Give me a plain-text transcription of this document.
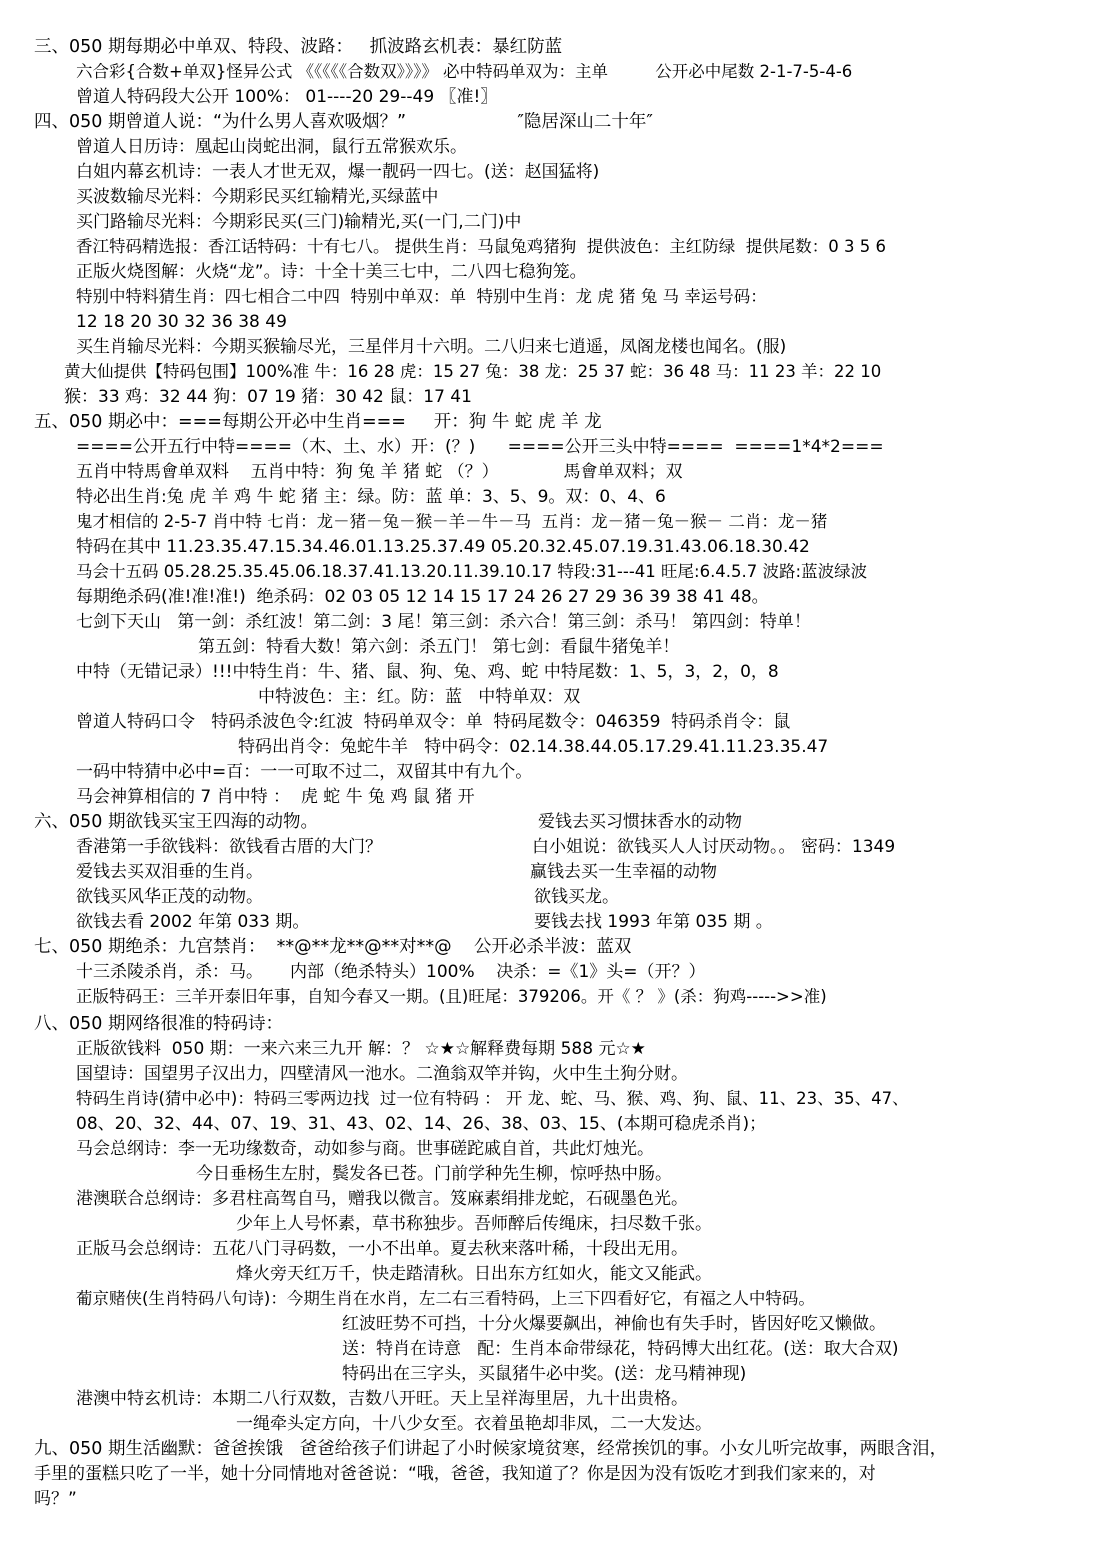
三、050 期每期必中单双、特段、波路：   抓波路玄机表：暴红防蓝
六合彩{合数+单双}怪异公式 《《《《《合数双》》》》 必中特码单双为：主单         公开必中尾数 2-1-7-5-4-6
曾道人特码段大公开 100%： 01----20 29--49 〖准!〗
四、050 期曾道人说：“为什么男人喜欢吸烟？”                    ″隐居深山二十年″
曾道人日历诗：凰起山岗蛇出洞，鼠行五常猴欢乐。
白姐内幕玄机诗：一表人才世无双，爆一靓码一四七。(送：赵国猛将)
买波数输尽光料：今期彩民买红输精光,买绿蓝中
买门路输尽光料：今期彩民买(三门)输精光,买(一门,二门)中
香江特码精选报：香江话特码：十有七八。 提供生肖：马鼠兔鸡猪狗  提供波色：主红防绿  提供尾数：0 3 5 6
正版火烧图解：火烧“龙”。诗：十全十美三七中，二八四七稳狗笼。
特别中特料猜生肖：四七相合二中四  特别中单双：单  特别中生肖：龙 虎 猪 兔 马 幸运号码：
12 18 20 30 32 36 38 49
买生肖输尽光料：今期买猴输尽光，三星伴月十六明。二八归来七逍遥，凤阁龙楼也闻名。(服)
黄大仙提供【特码包围】100%准 牛：16 28 虎：15 27 兔：38 龙：25 37 蛇：36 48 马：11 23 羊：22 10
猴：33 鸡：32 44 狗：07 19 猪：30 42 鼠：17 41
五、050 期必中：===每期公开必中生肖===     开：狗 牛 蛇 虎 羊 龙
====公开五行中特====（木、土、水）开：(？)      ====公开三头中特====  ====1*4*2===
五肖中特馬會单双料    五肖中特：狗 兔 羊 猪 蛇 （？）            馬會单双料；双
特必出生肖:兔 虎 羊 鸡 牛 蛇 猪 主：绿。防：蓝 单：3、5、9。双：0、4、6
鬼才相信的 2-5-7 肖中特 七肖：龙－猪－兔－猴－羊－牛－马  五肖：龙－猪－兔－猴－ 二肖：龙－猪
特码在其中 11.23.35.47.15.34.46.01.13.25.37.49 05.20.32.45.07.19.31.43.06.18.30.42
马会十五码 05.28.25.35.45.06.18.37.41.13.20.11.39.10.17 特段:31---41 旺尾:6.4.5.7 波路:蓝波绿波
每期绝杀码(准!准!准!)  绝杀码：02 03 05 12 14 15 17 24 26 27 29 36 39 38 41 48。
七剑下天山   第一剑：杀红波！第二剑：3 尾！第三剑：杀六合！第三剑：杀马！ 第四剑：特单！
第五剑：特看大数！第六剑：杀五门！ 第七剑：看鼠牛猪兔羊！
中特（无错记录）!!!中特生肖：牛、猪、鼠、狗、兔、鸡、蛇 中特尾数：1、5，3，2，0，8
中特波色：主：红。防：蓝   中特单双：双
曾道人特码口令   特码杀波色令:红波  特码单双令：单  特码尾数令：046359  特码杀肖令：鼠
特码出肖令：兔蛇牛羊   特中码令：02.14.38.44.05.17.29.41.11.23.35.47
一码中特猜中必中=百：一一可取不过二，双留其中有九个。
马会神算相信的 7 肖中特 ：  虎 蛇 牛 兔 鸡 鼠 猪 开
六、050 期欲钱买宝王四海的动物。	爱钱去买习惯抹香水的动物
香港第一手欲钱料：欲钱看古厝的大门？	白小姐说：欲钱买人人讨厌动物。。 密码：1349
爱钱去买双泪垂的生肖。	赢钱去买一生幸福的动物
欲钱买风华正茂的动物。	欲钱买龙。
欲钱去看 2002 年第 033 期。	要钱去找 1993 年第 035 期 。
七、050 期绝杀：九宫禁肖：  **@**龙**@**对**@    公开必杀半波：蓝双
十三杀陵杀肖，杀：马。     内部（绝杀特头）100%    决杀：=《1》头=（开？）
正版特码王：三羊开泰旧年事，自知今春又一期。(且)旺尾：379206。开《 ？ 》(杀：狗鸡----->>准)
八、050 期网络很准的特码诗：
正版欲钱料  050 期：一来六来三九开 解：？ ☆★☆解释费每期 588 元☆★
国望诗：国望男子汉出力，四壁清风一池水。二渔翁双竿并钩，火中生土狗分财。
特码生肖诗(猜中必中)：特码三零两边找  过一位有特码 ： 开 龙、蛇、马、猴、鸡、狗、鼠、11、23、35、47、
08、20、32、44、07、19、31、43、02、14、26、38、03、15、(本期可稳虎杀肖)；
马会总纲诗：李一无功缘数奇，动如参与商。世事磋跎戚自首，共此灯烛光。
今日垂杨生左肘，鬓发各已苍。门前学种先生柳，惊呼热中肠。
港澳联合总纲诗：多君柱高驾自马，赠我以微言。笈麻素绢排龙蛇，石砚墨色光。
少年上人号怀素，草书称独步。吾师醉后传绳床，扫尽数千张。
正版马会总纲诗：五花八门寻码数，一小不出单。夏去秋来落叶稀，十段出无用。
烽火旁天红万千，快走踏清秋。日出东方红如火，能文又能武。
葡京赌侠(生肖特码八句诗)：今期生肖在水肖，左二右三看特码，上三下四看好它，有福之人中特码。
红波旺势不可挡，十分火爆要飙出，神偷也有失手时，皆因好吃又懒做。
送：特肖在诗意   配：生肖本命带绿花，特码博大出红花。(送：取大合双)
特码出在三字头，买鼠猪牛必中奖。(送：龙马精神现)
港澳中特玄机诗：本期二八行双数，吉数八开旺。天上呈祥海里居，九十出贵格。
一绳牵头定方向，十八少女至。衣着虽艳却非凤，二一大发达。
九、050 期生活幽默：爸爸挨饿   爸爸给孩子们讲起了小时候家境贫寒，经常挨饥的事。小女儿听完故事，两眼含泪，
手里的蛋糕只吃了一半，她十分同情地对爸爸说：“哦，爸爸，我知道了？你是因为没有饭吃才到我们家来的，对
吗？”
